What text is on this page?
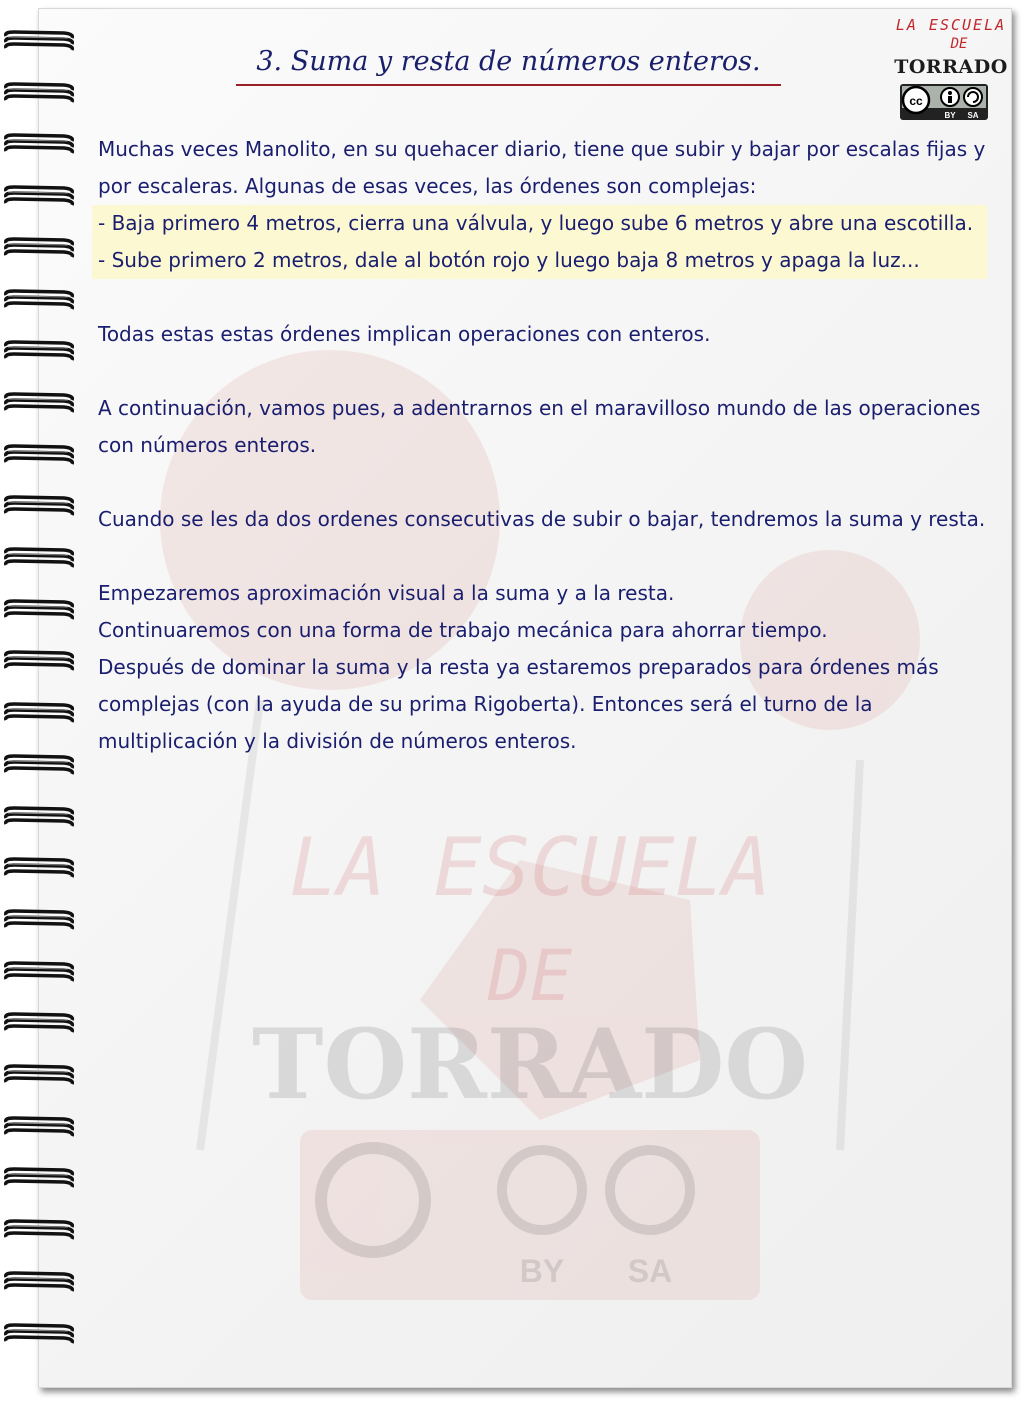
3. Suma y resta de números enteros.
LA ESCUELA
DE
TORRADO
cc
BY SA
Muchas veces Manolito, en su quehacer diario, tiene que subir y bajar por escalas fijas y por escaleras. Algunas de esas veces, las órdenes son complejas:
- Baja primero 4 metros, cierra una válvula, y luego sube 6 metros y abre una escotilla.
- Sube primero 2 metros, dale al botón rojo y luego baja 8 metros y apaga la luz...
Todas estas estas órdenes implican operaciones con enteros.
A continuación, vamos pues, a adentrarnos en el maravilloso mundo de las operaciones con números enteros.
Cuando se les da dos ordenes consecutivas de subir o bajar, tendremos la suma y resta.
Empezaremos aproximación visual a la suma y a la resta.
Continuaremos con una forma de trabajo mecánica para ahorrar tiempo.
Después de dominar la suma y la resta ya estaremos preparados para órdenes más complejas (con la ayuda de su prima Rigoberta). Entonces será el turno de la multiplicación y la división de números enteros.
